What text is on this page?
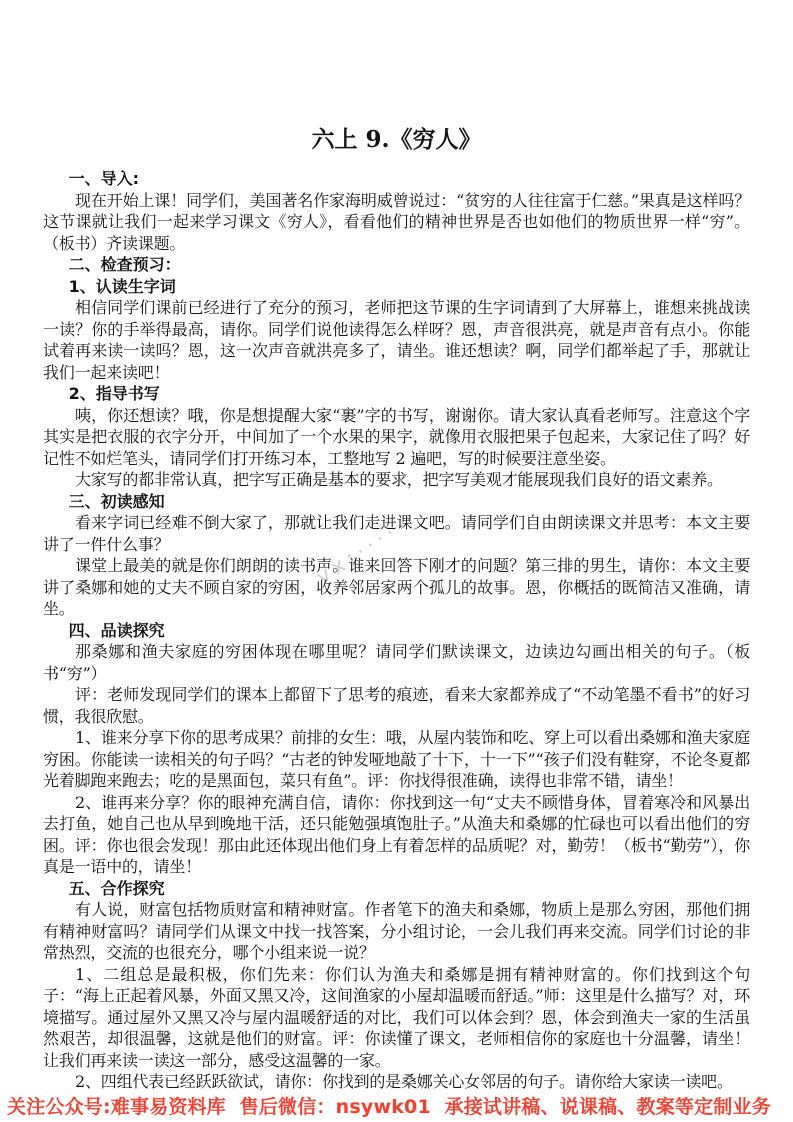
六上 9.《穷人》
一、导入:

现在开始上课！同学们，美国著名作家海明威曾说过：“贫穷的人往往富于仁慈。”果真是这样吗？这节课就让我们一起来学习课文《穷人》，看看他们的精神世界是否也如他们的物质世界一样“穷”。（板书）齐读课题。

二、检查预习：
1、认读生字词

相信同学们课前已经进行了充分的预习，老师把这节课的生字词请到了大屏幕上，谁想来挑战读一读？你的手举得最高，请你。同学们说他读得怎么样呀？恩，声音很洪亮，就是声音有点小。你能试着再来读一读吗？恩，这一次声音就洪亮多了，请坐。谁还想读？啊，同学们都举起了手，那就让我们一起来读吧！

2、指导书写

咦，你还想读？哦，你是想提醒大家“裹”字的书写，谢谢你。请大家认真看老师写。注意这个字其实是把衣服的衣字分开，中间加了一个水果的果字，就像用衣服把果子包起来，大家记住了吗？好记性不如烂笔头，请同学们打开练习本，工整地写 2 遍吧，写的时候要注意坐姿。

大家写的都非常认真，把字写正确是基本的要求，把字写美观才能展现我们良好的语文素养。

三、初读感知

看来字词已经难不倒大家了，那就让我们走进课文吧。请同学们自由朗读课文并思考：本文主要讲了一件什么事？

课堂上最美的就是你们朗朗的读书声。谁来回答下刚才的问题？第三排的男生，请你：本文主要讲了桑娜和她的丈夫不顾自家的穷困，收养邻居家两个孤儿的故事。恩，你概括的既简洁又准确，请坐。

四、品读探究

那桑娜和渔夫家庭的穷困体现在哪里呢？请同学们默读课文，边读边勾画出相关的句子。（板书“穷”）

评：老师发现同学们的课本上都留下了思考的痕迹，看来大家都养成了“不动笔墨不看书”的好习惯，我很欣慰。

1、谁来分享下你的思考成果？前排的女生：哦，从屋内装饰和吃、穿上可以看出桑娜和渔夫家庭穷困。你能读一读相关的句子吗？“古老的钟发哑地敲了十下，十一下”“孩子们没有鞋穿，不论冬夏都光着脚跑来跑去；吃的是黑面包，菜只有鱼”。评：你找得很准确，读得也非常不错，请坐！

2、谁再来分享？你的眼神充满自信，请你：你找到这一句“丈夫不顾惜身体，冒着寒冷和风暴出去打鱼，她自己也从早到晚地干活，还只能勉强填饱肚子。”从渔夫和桑娜的忙碌也可以看出他们的穷困。评：你也很会发现！那由此还体现出他们身上有着怎样的品质呢？对，勤劳！（板书“勤劳”），你真是一语中的，请坐！

五、合作探究

有人说，财富包括物质财富和精神财富。作者笔下的渔夫和桑娜，物质上是那么穷困，那他们拥有精神财富吗？请同学们从课文中找一找答案，分小组讨论，一会儿我们再来交流。同学们讨论的非常热烈，交流的也很充分，哪个小组来说一说？

1、二组总是最积极，你们先来：你们认为渔夫和桑娜是拥有精神财富的。你们找到这个句子：“海上正起着风暴，外面又黑又冷，这间渔家的小屋却温暖而舒适。”师：这里是什么描写？对，环境描写。通过屋外又黑又冷与屋内温暖舒适的对比，我们可以体会到？恩，体会到渔夫一家的生活虽然艰苦，却很温馨，这就是他们的财富。评：你读懂了课文，老师相信你的家庭也十分温馨，请坐！让我们再来读一读这一部分，感受这温馨的一家。

2、四组代表已经跃跃欲试，请你：你找到的是桑娜关心女邻居的句子。请你给大家读一读吧。

vx:······
关注公众号:难事易资料库  售后微信：nsywk01  承接试讲稿、说课稿、教案等定制业务
